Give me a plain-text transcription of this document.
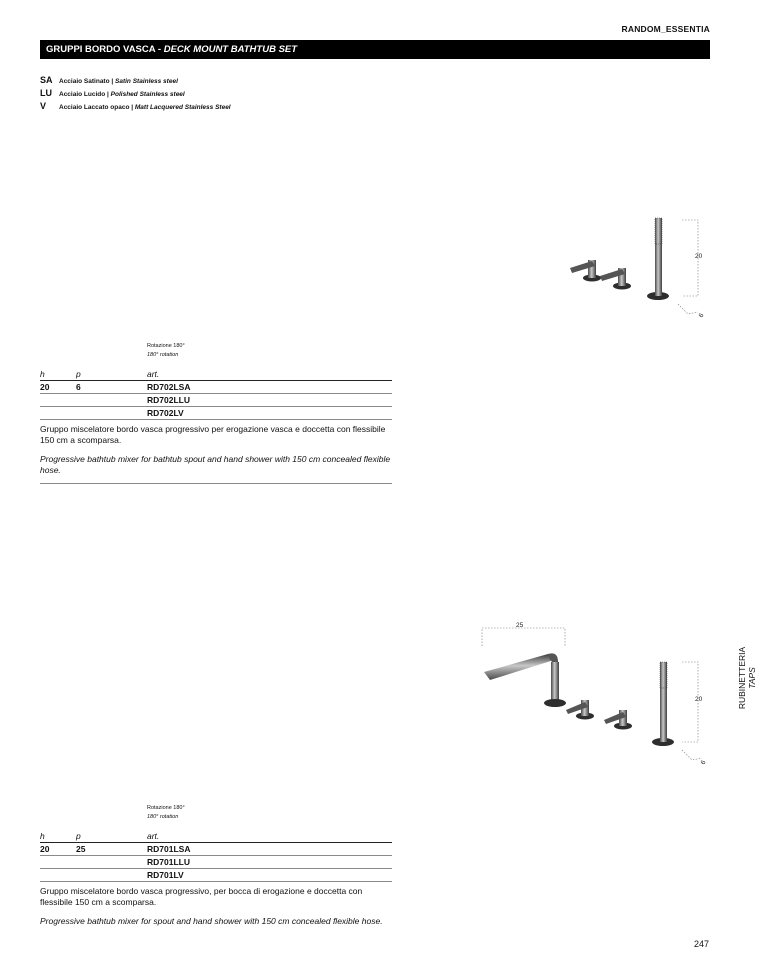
RANDOM_ESSENTIA
GRUPPI BORDO VASCA - DECK MOUNT BATHTUB SET
SA Acciaio Satinato | Satin Stainless steel
LU	Acciaio Lucido | Polished Stainless steel
V	Acciaio Laccato opaco | Matt Lacquered Stainless Steel
20
6
Rotazione 180°
180° rotation
h	p	art.
20	6	RD702LSA
RD702LLU
RD702LV

Gruppo miscelatore bordo vasca progressivo per erogazione vasca e doccetta con flessibile 150 cm a scomparsa.

Progressive bathtub mixer for bathtub spout and hand shower with 150 cm concealed flexible hose.

25
20
6
Rotazione 180°
180° rotation
h	p	art.
20	25	RD701LSA
RD701LLU
RD701LV

Gruppo miscelatore bordo vasca progressivo, per bocca di erogazione e doccetta con flessibile 150 cm a scomparsa.

Progressive bathtub mixer for spout and hand shower with 150 cm concealed flexible hose.

RUBINETTERIA TAPS
247
